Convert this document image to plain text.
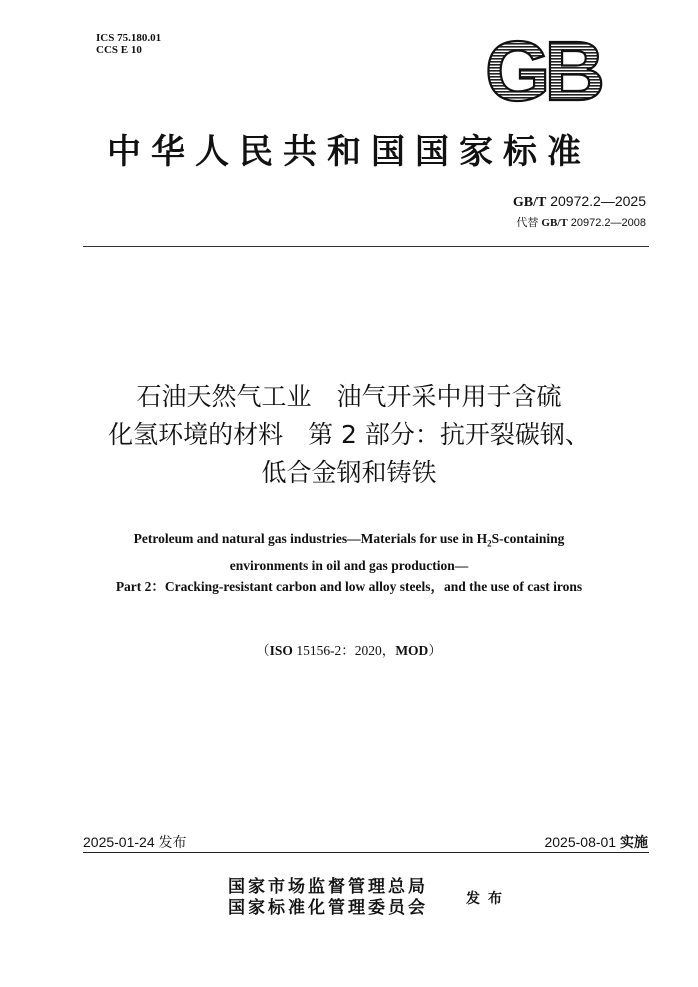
ICS 75.180.01
CCS E 10	GB
中华人民共和国国家标准
GB/T 20972.2—2025
代替 GB/T 20972.2—2008
石油天然气工业　油气开采中用于含硫
化氢环境的材料　第 2 部分：抗开裂碳钢、
低合金钢和铸铁
Petroleum and natural gas industries—Materials for use in $H_2S$-containing
environments in oil and gas production—
Part 2：Cracking-resistant carbon and low alloy steels，and the use of cast irons
（ISO 15156-2：2020，MOD）
2025-01-24 发布	2025-08-01 实施
国家市场监督管理总局
国家标准化管理委员会	发布
